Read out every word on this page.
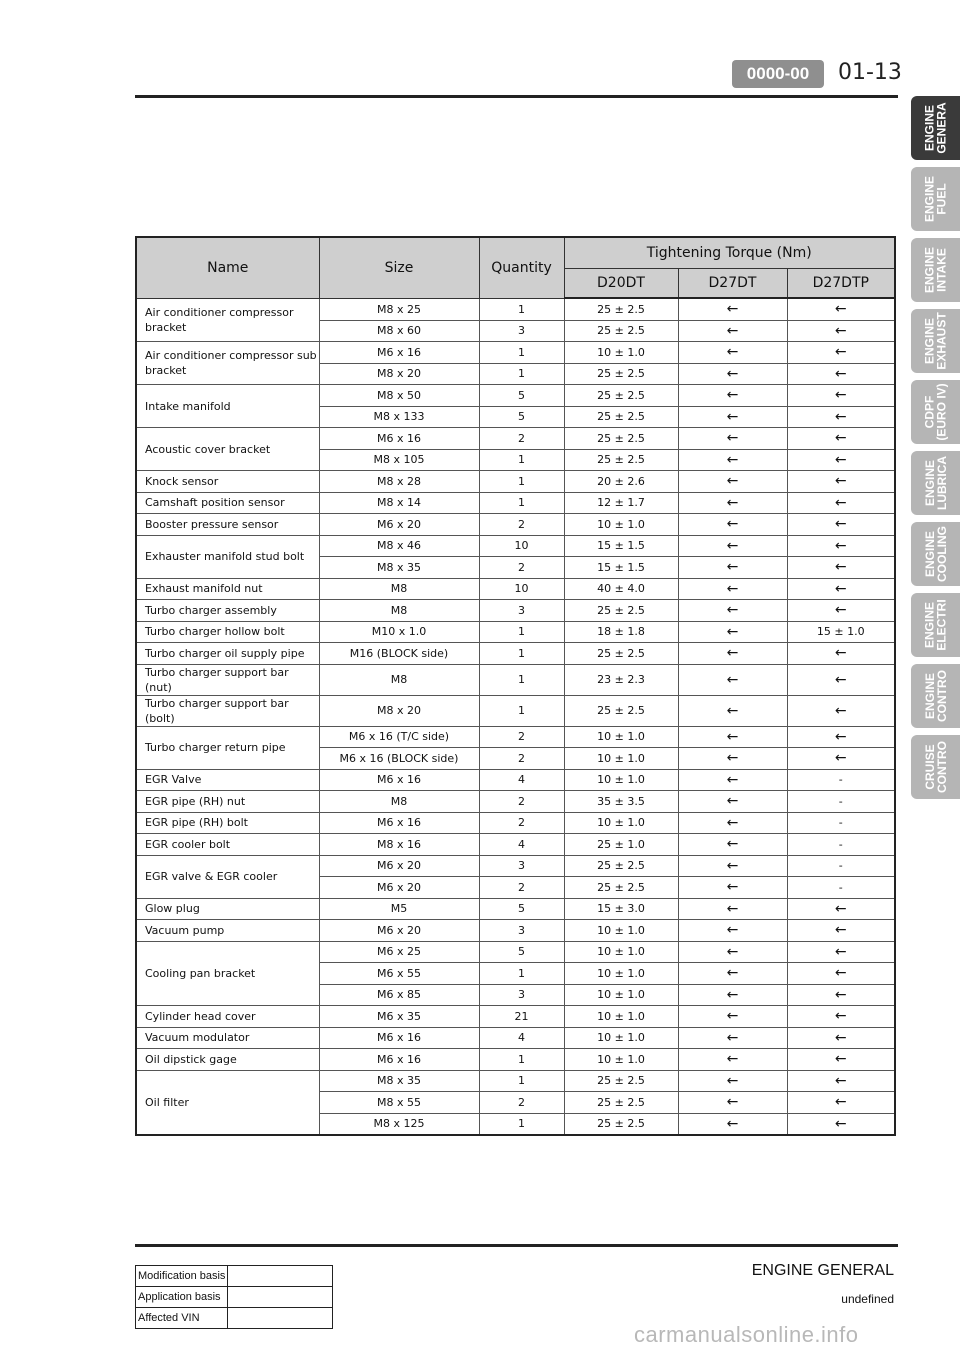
0000-00	01-13
ENGINE
GENERA
ENGINE
FUEL
ENGINE
INTAKE
ENGINE
EXHAUST
CDPF
(EURO IV)
ENGINE
LUBRICA
ENGINE
COOLING
ENGINE
ELECTRI
ENGINE
CONTRO
CRUISE
CONTRO
Name	Size	Quantity	Tightening Torque (Nm)		
			D20DT	D27DT	D27DTP
Air conditioner compressor bracket	M8 x 25	1	25 ± 2.5	←	←
	M8 x 60	3	25 ± 2.5	←	←
Air conditioner compressor sub bracket	M6 x 16	1	10 ± 1.0	←	←
	M8 x 20	1	25 ± 2.5	←	←
Intake manifold	M8 x 50	5	25 ± 2.5	←	←
	M8 x 133	5	25 ± 2.5	←	←
Acoustic cover bracket	M6 x 16	2	25 ± 2.5	←	←
	M8 x 105	1	25 ± 2.5	←	←
Knock sensor	M8 x 28	1	20 ± 2.6	←	←
Camshaft position sensor	M8 x 14	1	12 ± 1.7	←	←
Booster pressure sensor	M6 x 20	2	10 ± 1.0	←	←
Exhauster manifold stud bolt	M8 x 46	10	15 ± 1.5	←	←
	M8 x 35	2	15 ± 1.5	←	←
Exhaust manifold nut	M8	10	40 ± 4.0	←	←
Turbo charger assembly	M8	3	25 ± 2.5	←	←
Turbo charger hollow bolt	M10 x 1.0	1	18 ± 1.8	←	15 ± 1.0
Turbo charger oil supply pipe	M16 (BLOCK side)	1	25 ± 2.5	←	←
Turbo charger support bar (nut)	M8	1	23 ± 2.3	←	←
Turbo charger support bar (bolt)	M8 x 20	1	25 ± 2.5	←	←
Turbo charger return pipe	M6 x 16 (T/C side)	2	10 ± 1.0	←	←
	M6 x 16 (BLOCK side)	2	10 ± 1.0	←	←
EGR Valve	M6 x 16	4	10 ± 1.0	←	-
EGR pipe (RH) nut	M8	2	35 ± 3.5	←	-
EGR pipe (RH) bolt	M6 x 16	2	10 ± 1.0	←	-
EGR cooler bolt	M8 x 16	4	25 ± 1.0	←	-
EGR valve & EGR cooler	M6 x 20	3	25 ± 2.5	←	-
	M6 x 20	2	25 ± 2.5	←	-
Glow plug	M5	5	15 ± 3.0	←	←
Vacuum pump	M6 x 20	3	10 ± 1.0	←	←
Cooling pan bracket	M6 x 25	5	10 ± 1.0	←	←
	M6 x 55	1	10 ± 1.0	←	←
	M6 x 85	3	10 ± 1.0	←	←
Cylinder head cover	M6 x 35	21	10 ± 1.0	←	←
Vacuum modulator	M6 x 16	4	10 ± 1.0	←	←
Oil dipstick gage	M6 x 16	1	10 ± 1.0	←	←
Oil filter	M8 x 35	1	25 ± 2.5	←	←
	M8 x 55	2	25 ± 2.5	←	←
	M8 x 125	1	25 ± 2.5	←	←
Modification basis	
Application basis	
Affected VIN	
ENGINE GENERAL
undefined
carmanualsonline.info
